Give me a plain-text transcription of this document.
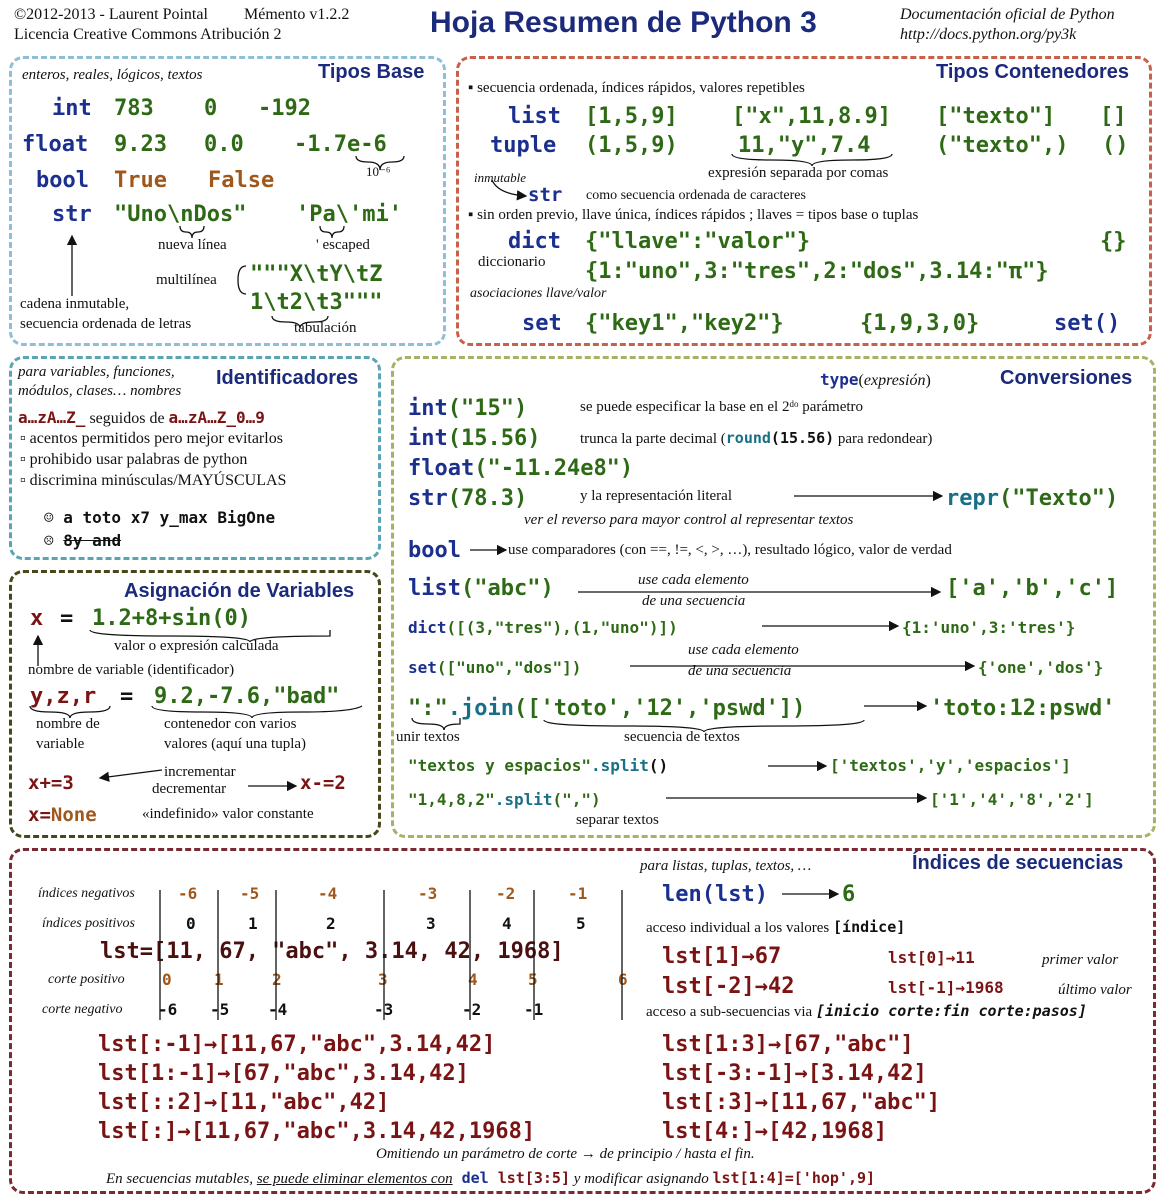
©2012-2013 - Laurent Pointal Mémento v1.2.2
Licencia Creative Commons Atribución 2	Hoja Resumen de Python 3	Documentación oficial de Python
http://docs.python.org/py3k
Tipos Base
enteros, reales, lógicos, textos
int 783 0 -192
float 9.23 0.0 -1.7e-6
10⁻⁶
bool True False
str "Uno\nDos" 'Pa\'mi'
nueva línea	' escaped
multilínea """X\tY\tZ
1\t2\t3"""
tabulación
cadena inmutable,
secuencia ordenada de letras
Tipos Contenedores
▪ secuencia ordenada, índices rápidos, valores repetibles
list [1,5,9] ["x",11,8.9] ["texto"] []
tuple (1,5,9)	11,"y",7.4	("texto",) ()
expresión separada por comas
inmutable
str como secuencia ordenada de caracteres
▪ sin orden previo, llave única, índices rápidos ; llaves = tipos base o tuplas
dict {"llave":"valor"}	{}
diccionario {1:"uno",3:"tres",2:"dos",3.14:"π"}
asociaciones llave/valor
set {"key1","key2"}	{1,9,3,0}	set()
Identificadores
para variables, funciones,
módulos, clases… nombres
a…zA…Z_ seguidos de a…zA…Z_0…9
▫ acentos permitidos pero mejor evitarlos
▫ prohibido usar palabras de python
▫ discrimina minúsculas/MAYÚSCULAS
☺ a toto x7 y_max BigOne
☹ 8y and
Asignación de Variables
x = 1.2+8+sin(0)
valor o expresión calculada
nombre de variable (identificador)
y,z,r = 9.2,-7.6,"bad"
nombre de
variable
contenedor con varios
valores (aquí una tupla)
x+=3	incrementar
decrementar	x-=2
x=None	«indefinido» valor constante
Conversiones
type(expresión)
int("15")	se puede especificar la base en el 2ᵈᵒ parámetro
int(15.56)	trunca la parte decimal (round(15.56) para redondear)
float("-11.24e8")
str(78.3)	y la representación literal	repr("Texto")
ver el reverso para mayor control al representar textos
bool	use comparadores (con ==, !=, <, >, …), resultado lógico, valor de verdad
list("abc")	use cada elemento
de una secuencia	['a','b','c']
dict([(3,"tres"),(1,"uno")])	{1:'uno',3:'tres'}
set(["uno","dos"])
use cada elemento
de una secuencia	{'one','dos'}
":".join(['toto','12','pswd'])	'toto:12:pswd'
unir textos	secuencia de textos
"textos y espacios".split()	['textos','y','espacios']
"1,4,8,2".split(",")	['1','4','8','2']
separar textos
Índices de secuencias
para listas, tuplas, textos, …
índices negativos
índices positivos
corte positivo
corte negativo
-6	-5	-4	-3	-2	-1
0	1	2	3	4	5
lst=[11, 67, "abc", 3.14, 42, 1968]
0	1	2	3	4	5	6
-6 -5 -4	-3	-2	-1
len(lst)	6
acceso individual a los valores [índice]
lst[1]→67	lst[0]→11	primer valor
lst[-2]→42	lst[-1]→1968	último valor
acceso a sub-secuencias via [inicio corte:fin corte:pasos]
lst[:-1]→[11,67,"abc",3.14,42]
lst[1:-1]→[67,"abc",3.14,42]
lst[::2]→[11,"abc",42]
lst[:]→[11,67,"abc",3.14,42,1968]
lst[1:3]→[67,"abc"]
lst[-3:-1]→[3.14,42]
lst[:3]→[11,67,"abc"]
lst[4:]→[42,1968]
Omitiendo un parámetro de corte → de principio / hasta el fin.
En secuencias mutables, se puede eliminar elementos con del lst[3:5] y modificar asignando lst[1:4]=['hop',9]
